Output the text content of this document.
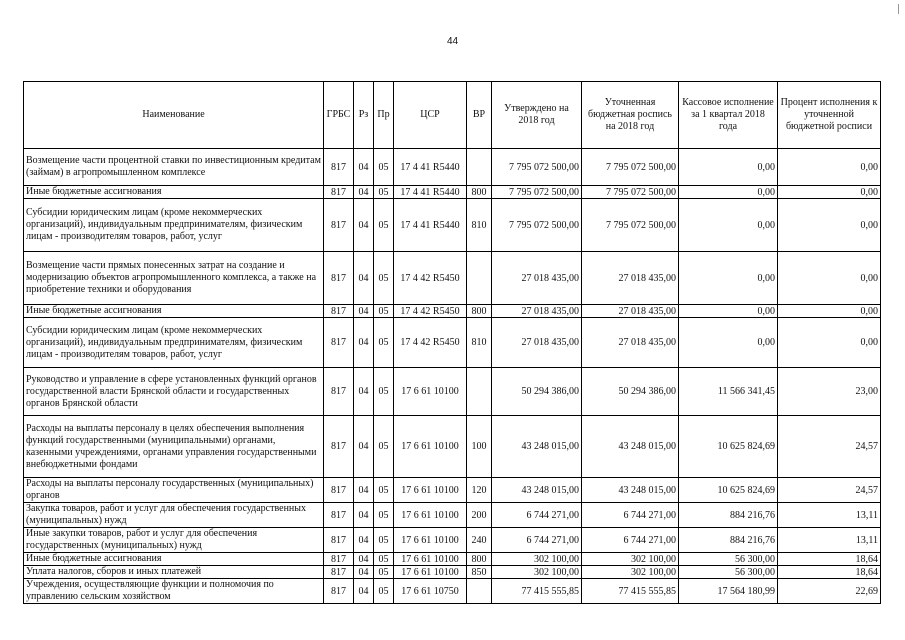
44
Наименование	ГРБС	Рз	Пр	ЦСР	ВР	Утверждено на 2018 год	Уточненная бюджетная роспись на 2018 год	Кассовое исполнение за 1 квартал 2018 года	Процент исполнения к уточненной бюджетной росписи
Возмещение части процентной ставки по инвестиционным кредитам (займам) в агропромышленном комплексе	817	04	05	17 4 41 R5440		7 795 072 500,00	7 795 072 500,00	0,00	0,00
Иные бюджетные ассигнования	817	04	05	17 4 41 R5440	800	7 795 072 500,00	7 795 072 500,00	0,00	0,00
Субсидии юридическим лицам (кроме некоммерческих организаций), индивидуальным предпринимателям, физическим лицам - производителям товаров, работ, услуг	817	04	05	17 4 41 R5440	810	7 795 072 500,00	7 795 072 500,00	0,00	0,00
Возмещение части прямых понесенных затрат на создание и модернизацию объектов агропромышленного комплекса, а также на приобретение техники и оборудования	817	04	05	17 4 42 R5450		27 018 435,00	27 018 435,00	0,00	0,00
Иные бюджетные ассигнования	817	04	05	17 4 42 R5450	800	27 018 435,00	27 018 435,00	0,00	0,00
Субсидии юридическим лицам (кроме некоммерческих организаций), индивидуальным предпринимателям, физическим лицам - производителям товаров, работ, услуг	817	04	05	17 4 42 R5450	810	27 018 435,00	27 018 435,00	0,00	0,00
Руководство и управление в сфере установленных функций органов государственной власти Брянской области и государственных органов Брянской области	817	04	05	17 6 61 10100		50 294 386,00	50 294 386,00	11 566 341,45	23,00
Расходы на выплаты персоналу в целях обеспечения выполнения функций государственными (муниципальными) органами, казенными учреждениями, органами управления государственными внебюджетными фондами	817	04	05	17 6 61 10100	100	43 248 015,00	43 248 015,00	10 625 824,69	24,57
Расходы на выплаты персоналу государственных (муниципальных) органов	817	04	05	17 6 61 10100	120	43 248 015,00	43 248 015,00	10 625 824,69	24,57
Закупка товаров, работ и услуг для обеспечения государственных (муниципальных) нужд	817	04	05	17 6 61 10100	200	6 744 271,00	6 744 271,00	884 216,76	13,11
Иные закупки товаров, работ и услуг для обеспечения государственных (муниципальных) нужд	817	04	05	17 6 61 10100	240	6 744 271,00	6 744 271,00	884 216,76	13,11
Иные бюджетные ассигнования	817	04	05	17 6 61 10100	800	302 100,00	302 100,00	56 300,00	18,64
Уплата налогов, сборов и иных платежей	817	04	05	17 6 61 10100	850	302 100,00	302 100,00	56 300,00	18,64
Учреждения, осуществляющие функции и полномочия по управлению сельским хозяйством	817	04	05	17 6 61 10750		77 415 555,85	77 415 555,85	17 564 180,99	22,69
